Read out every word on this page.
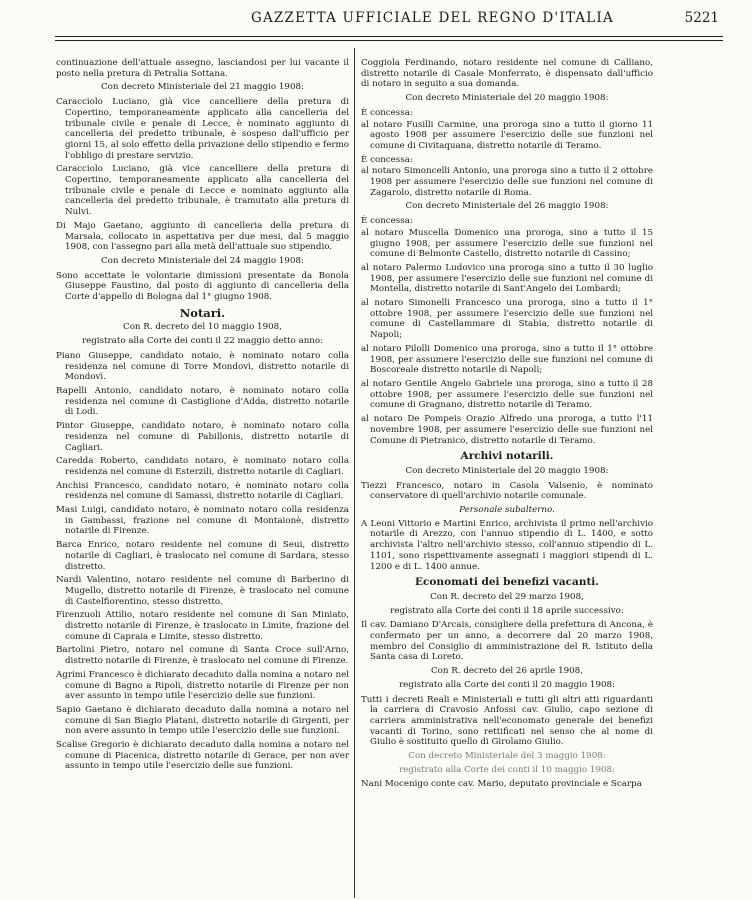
GAZZETTA UFFICIALE DEL REGNO D'ITALIA	5221

continuazione dell'attuale assegno, lasciandosi per lui vacante il posto nella pretura di Petralia Sottana.

Con decreto Ministeriale del 21 maggio 1908:

Caracciolo Luciano, già vice cancelliere della pretura di Copertino, temporaneamente applicato alla cancelleria del tribunale civile e penale di Lecce, è nominato aggiunto di cancelleria del predetto tribunale, è sospeso dall'ufficio per giorni 15, al solo effetto della privazione dello stipendio e fermo l'obbligo di prestare servizio.

Caracciolo Luciano, già vice cancelliere della pretura di Copertino, temporaneamente applicato alla cancelleria del tribunale civile e penale di Lecce e nominato aggiunto alla cancelleria del predetto tribunale, è tramutato alla pretura di Nulvi.

Di Majo Gaetano, aggiunto di cancelleria della pretura di Marsala, collocato in aspettativa per due mesi, dal 5 maggio 1908, con l'assegno pari alla metà dell'attuale suo stipendio.

Con decreto Ministeriale del 24 maggio 1908:

Sono accettate le volontarie dimissioni presentate da Bonola Giuseppe Faustino, dal posto di aggiunto di cancelleria della Corte d'appello di Bologna dal 1° giugno 1908.

Notari.

Con R. decreto del 10 maggio 1908,

registrato alla Corte dei conti il 22 maggio detto anno:

Piano Giuseppe, candidato notaio, è nominato notaro colla residenza nel comune di Torre Mondovì, distretto notarile di Mondovì.

Rapelli Antonio, candidato notaro, è nominato notaro colla residenza nel comune di Castiglione d'Adda, distretto notarile di Lodi.

Pintor Giuseppe, candidato notaro, è nominato notaro colla residenza nel comune di Pabillonis, distretto notarile di Cagliari.

Caredda Roberto, candidato notaro, è nominato notaro colla residenza nel comune di Esterzili, distretto notarile di Cagliari.

Anchisi Francesco, candidato notaro, è nominato notaro colla residenza nel comune di Samassi, distretto notarile di Cagliari.

Masi Luigi, candidato notaro, è nominato notaro colla residenza in Gambassi, frazione nel comune di Montaionè, distretto notarile di Firenze.

Barca Enrico, notaro residente nel comune di Seui, distretto notarile di Cagliari, è traslocato nel comune di Sardara, stesso distretto.

Nardi Valentino, notaro residente nel comune di Barberino di Mugello, distretto notarile di Firenze, è traslocato nel comune di Castelfiorentino, stesso distretto.

Firenzuoli Attilio, notaro residente nel comune di San Miniato, distretto notarile di Firenze, è traslocato in Limite, frazione del comune di Capraia e Limite, stesso distretto.

Bartolini Pietro, notaro nel comune di Santa Croce sull'Arno, distretto notarile di Firenze, è traslocato nel comune di Firenze.

Agrimi Francesco è dichiarato decaduto dalla nomina a notaro nel comune di Bagno a Ripoli, distretto notarile di Firenze per non aver assunto in tempo utile l'esercizio delle sue funzioni.

Sapio Gaetano è dichiarato decaduto dalla nomina a notaro nel comune di San Biagio Platani, distretto notarile di Girgenti, per non avere assunto in tempo utile l'esercizio delle sue funzioni.

Scalise Gregorio è dichiarato decaduto dalla nomina a notaro nel comune di Piacenica, distretto notarile di Gerace, per non aver assunto in tempo utile l'esercizio delle sue funzioni.

Coggiola Ferdinando, notaro residente nel comune di Calliano, distretto notarile di Casale Monferrato, è dispensato dall'ufficio di notaro in seguito a sua domanda.

Con decreto Ministeriale del 20 maggio 1908:

È concessa:

al notaro Fusilli Carmine, una proroga sino a tutto il giorno 11 agosto 1908 per assumere l'esercizio delle sue funzioni nel comune di Civitaquana, distretto notarile di Teramo.

È concessa:

al notaro Simoncelli Antonio, una proroga sino a tutto il 2 ottobre 1908 per assumere l'esercizio delle sue funzioni nel comune di Zagarolo, distretto notarile di Roma.

Con decreto Ministeriale del 26 maggio 1908:

È concessa:

al notaro Muscella Domenico una proroga, sino a tutto il 15 giugno 1908, per assumere l'esercizio delle sue funzioni nel comune di Belmonte Castello, distretto notarile di Cassino;

al notaro Palermo Ludovico una proroga sino a tutto il 30 luglio 1908, per assumere l'esercizio delle sue funzioni nel comune di Montella, distretto notarile di Sant'Angelo dei Lombardi;

al notaro Simonelli Francesco una proroga, sino a tutto il 1° ottobre 1908, per assumere l'esercizio delle sue funzioni nel comune di Castellammare di Stabia, distretto notarile di Napoli;

al notaro Pilolli Domenico una proroga, sino a tutto il 1° ottobre 1908, per assumere l'esercizio delle sue funzioni nel comune di Boscoreale distretto notarile di Napoli;

al notaro Gentile Angelo Gabriele una proroga, sino a tutto il 28 ottobre 1908, per assumere l'esercizio delle sue funzioni nel comune di Gragnano, distretto notarile di Teramo.

al notaro De Pompeis Orazio Alfredo una proroga, a tutto l'11 novembre 1908, per assumere l'esercizio delle sue funzioni nel Comune di Pietranico, distretto notarile di Teramo.

Archivi notarili.

Con decreto Ministeriale del 20 maggio 1908:

Tiezzi Francesco, notaro in Casola Valsenio, è nominato conservatore di quell'archivio notarile comunale.

Personale subalterno.

A Leoni Vittorio e Martini Enrico, archivista il primo nell'archivio notarile di Arezzo, con l'annuo stipendio di L. 1400, e sotto archivista l'altro nell'archivio stesso, coll'annuo stipendio di L. 1101, sono rispettivamente assegnati i maggiori stipendi di L. 1200 e di L. 1400 annue.

Economati dei benefizi vacanti.

Con R. decreto del 29 marzo 1908,

registrato alla Corte dei conti il 18 aprile successivo:

Il cav. Damiano D'Arcais, consigliere della prefettura di Ancona, è confermato per un anno, a decorrere dal 20 marzo 1908, membro del Consiglio di amministrazione del R. Istituto della Santa casa di Loreto.

Con R. decreto del 26 aprile 1908,

registrato alla Corte dei conti il 20 maggio 1908:

Tutti i decreti Reali e Ministeriali e tutti gli altri atti riguardanti la carriera di Cravosio Anfossi cav. Giulio, capo sezione di carriera amministrativa nell'economato generale dei benefizi vacanti di Torino, sono rettificati nel senso che al nome di Giulio è sostituito quello di Girolamo Giulio.

Con decreto Ministeriale del 3 maggio 1908:

registrato alla Corte dei conti il 10 maggio 1908:

Nani Mocenigo conte cav. Mario, deputato provinciale e Scarpa
